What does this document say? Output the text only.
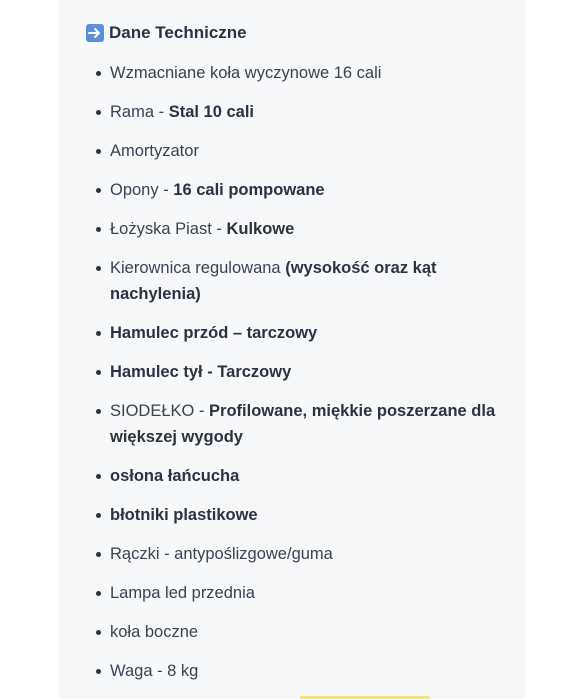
Dane Techniczne
Wzmacniane koła wyczynowe 16 cali
Rama - Stal 10 cali
Amortyzator
Opony - 16 cali pompowane
Łożyska Piast - Kulkowe
Kierownica regulowana (wysokość oraz kąt nachylenia)
Hamulec przód – tarczowy
Hamulec tył - Tarczowy
SIODEŁKO - Profilowane, miękkie poszerzane dla większej wygody
osłona łańcucha
błotniki plastikowe
Rączki - antypoślizgowe/guma
Lampa led przednia
koła boczne
Waga - 8 kg
